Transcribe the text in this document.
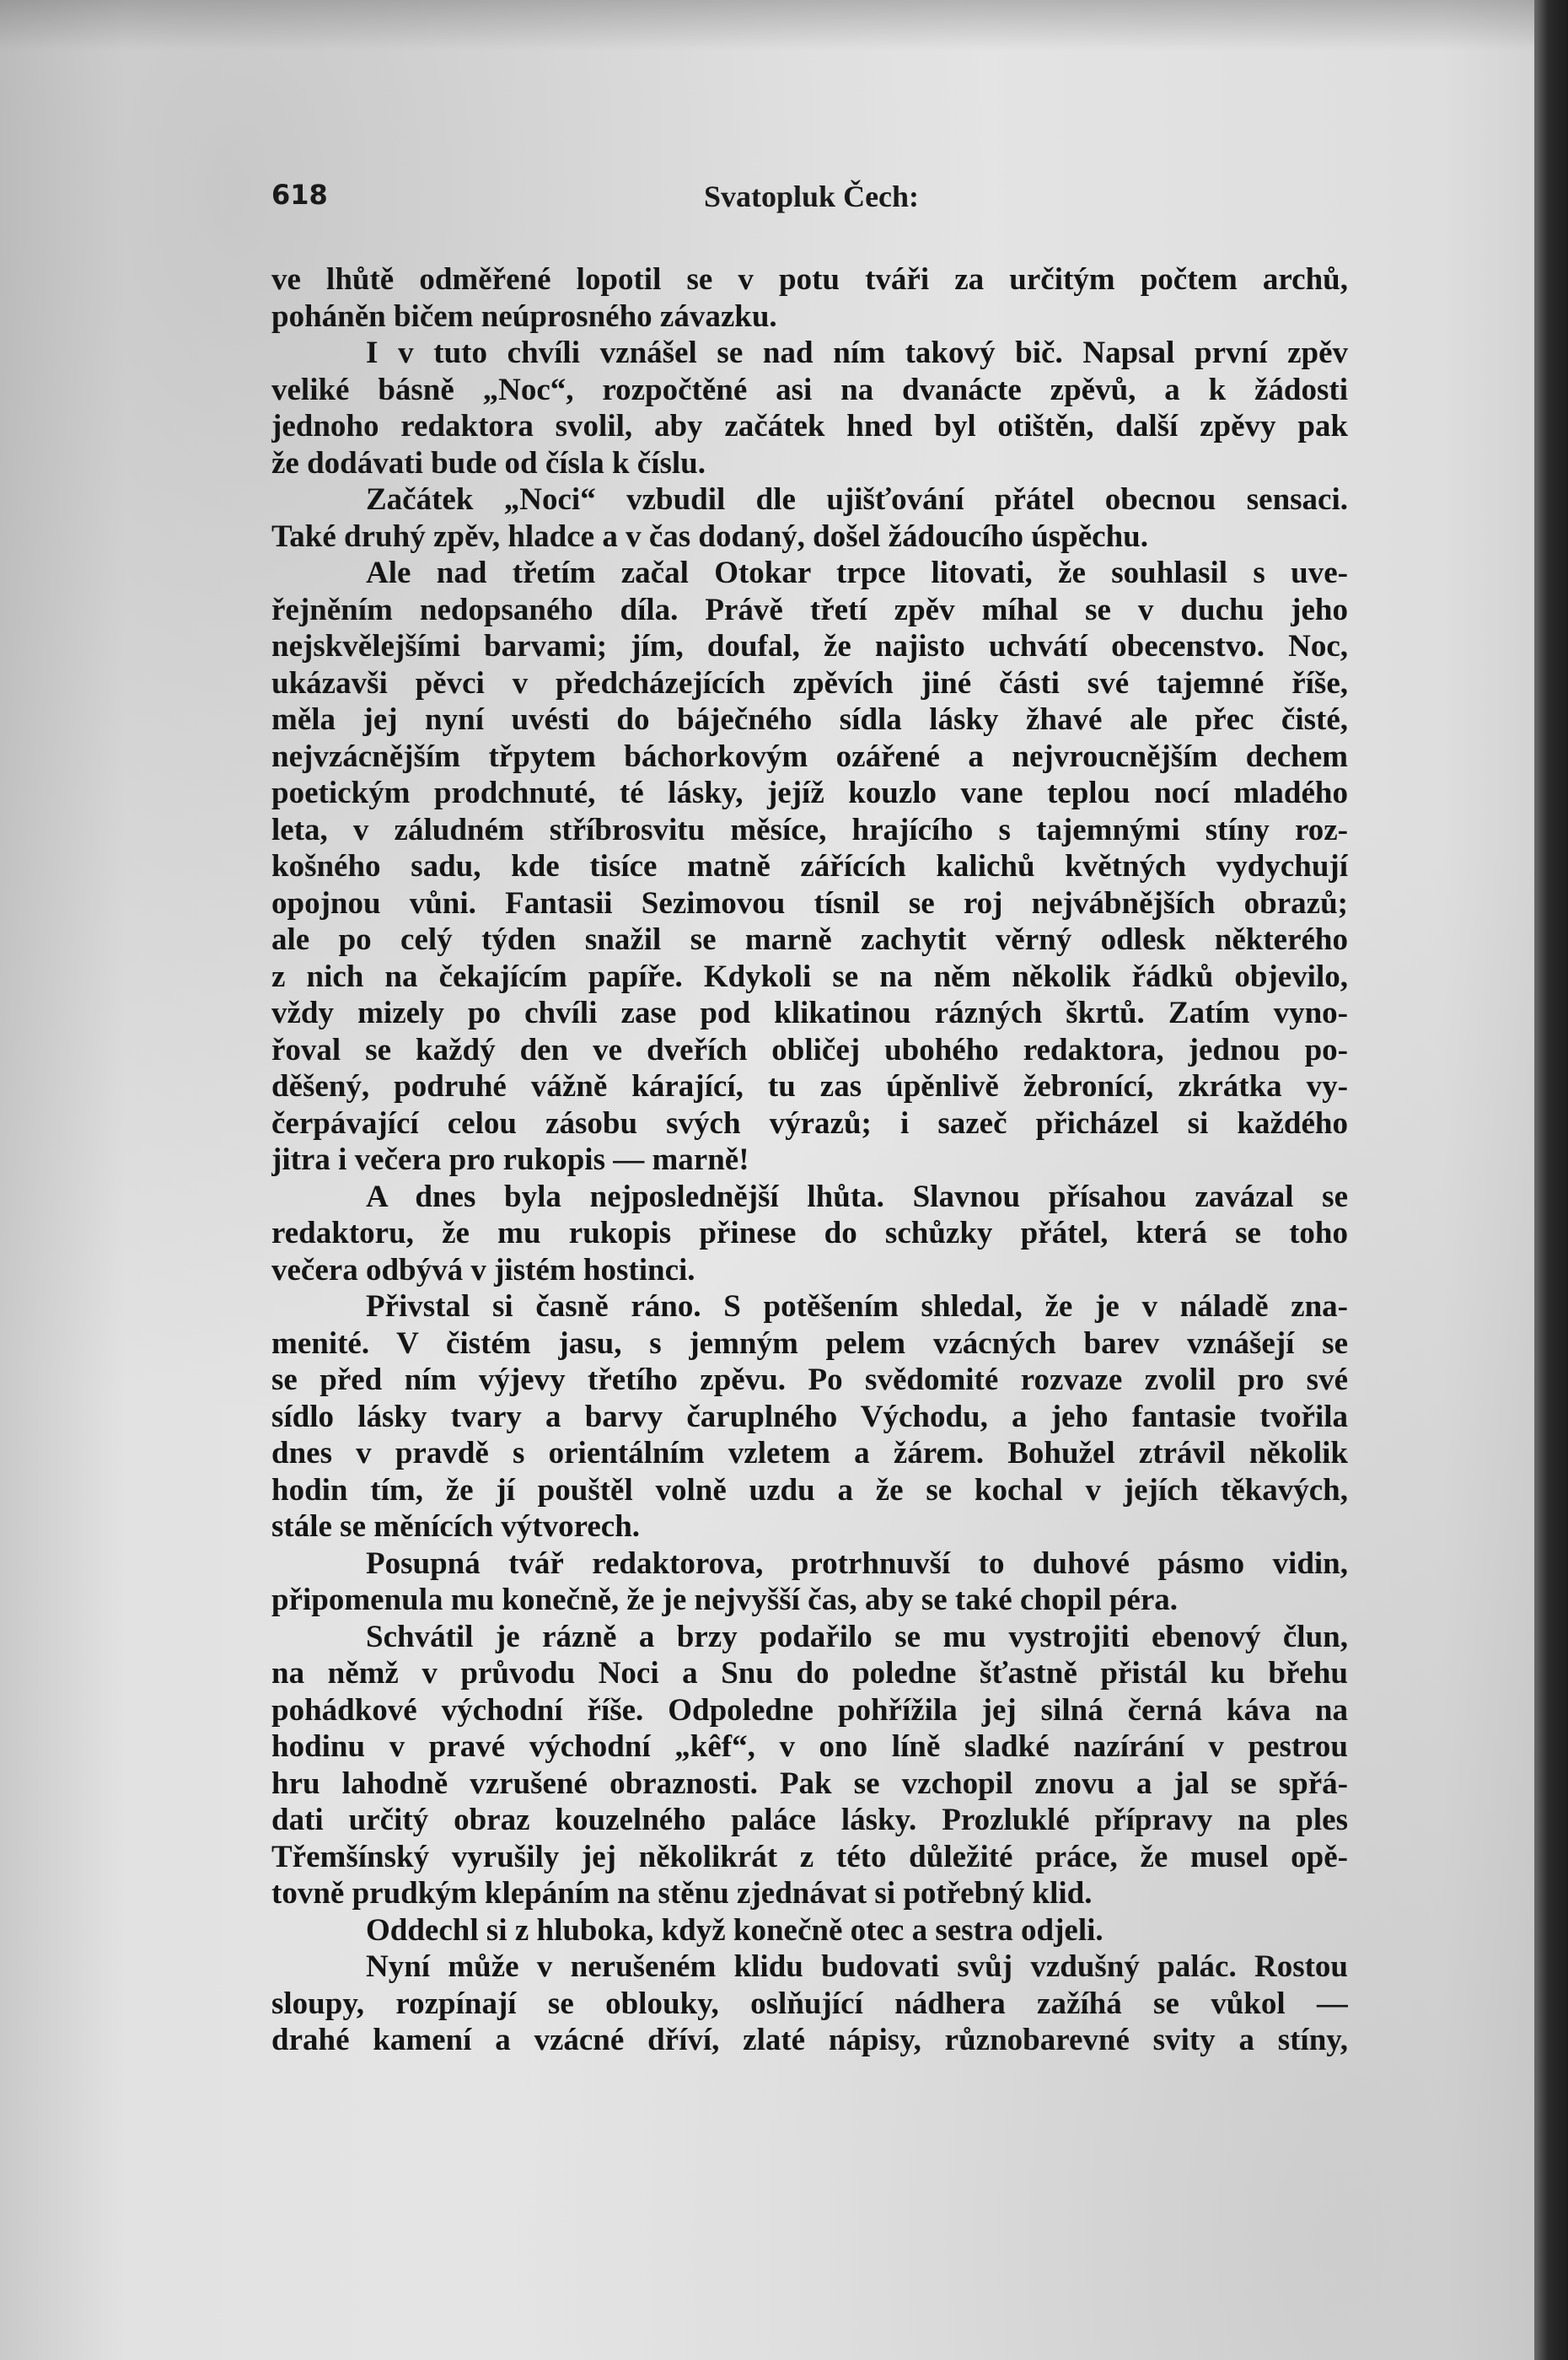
618	Svatopluk Čech:
ve lhůtě odměřené lopotil se v potu tváři za určitým počtem archů,
poháněn bičem neúprosného závazku.
I v tuto chvíli vznášel se nad ním takový bič. Napsal první zpěv
veliké básně „Noc“, rozpočtěné asi na dvanácte zpěvů, a k žádosti
jednoho redaktora svolil, aby začátek hned byl otištěn, další zpěvy pak
že dodávati bude od čísla k číslu.
Začátek „Noci“ vzbudil dle ujišťování přátel obecnou sensaci.
Také druhý zpěv, hladce a v čas dodaný, došel žádoucího úspěchu.
Ale nad třetím začal Otokar trpce litovati, že souhlasil s uve-
řejněním nedopsaného díla. Právě třetí zpěv míhal se v duchu jeho
nejskvělejšími barvami; jím, doufal, že najisto uchvátí obecenstvo. Noc,
ukázavši pěvci v předcházejících zpěvích jiné části své tajemné říše,
měla jej nyní uvésti do báječného sídla lásky žhavé ale přec čisté,
nejvzácnějším třpytem báchorkovým ozářené a nejvroucnějším dechem
poetickým prodchnuté, té lásky, jejíž kouzlo vane teplou nocí mladého
leta, v záludném stříbrosvitu měsíce, hrajícího s tajemnými stíny roz-
košného sadu, kde tisíce matně zářících kalichů květných vydychují
opojnou vůni. Fantasii Sezimovou tísnil se roj nejvábnějších obrazů;
ale po celý týden snažil se marně zachytit věrný odlesk některého
z nich na čekajícím papíře. Kdykoli se na něm několik řádků objevilo,
vždy mizely po chvíli zase pod klikatinou rázných škrtů. Zatím vyno-
řoval se každý den ve dveřích obličej ubohého redaktora, jednou po-
děšený, podruhé vážně kárající, tu zas úpěnlivě žebronící, zkrátka vy-
čerpávající celou zásobu svých výrazů; i sazeč přicházel si každého
jitra i večera pro rukopis — marně!
A dnes byla nejposlednější lhůta. Slavnou přísahou zavázal se
redaktoru, že mu rukopis přinese do schůzky přátel, která se toho
večera odbývá v jistém hostinci.
Přivstal si časně ráno. S potěšením shledal, že je v náladě zna-
menité. V čistém jasu, s jemným pelem vzácných barev vznášejí se
se před ním výjevy třetího zpěvu. Po svědomité rozvaze zvolil pro své
sídlo lásky tvary a barvy čaruplného Východu, a jeho fantasie tvořila
dnes v pravdě s orientálním vzletem a žárem. Bohužel ztrávil několik
hodin tím, že jí pouštěl volně uzdu a že se kochal v jejích těkavých,
stále se měnících výtvorech.
Posupná tvář redaktorova, protrhnuvší to duhové pásmo vidin,
připomenula mu konečně, že je nejvyšší čas, aby se také chopil péra.
Schvátil je rázně a brzy podařilo se mu vystrojiti ebenový člun,
na němž v průvodu Noci a Snu do poledne šťastně přistál ku břehu
pohádkové východní říše. Odpoledne pohřížila jej silná černá káva na
hodinu v pravé východní „kêf“, v ono líně sladké nazírání v pestrou
hru lahodně vzrušené obraznosti. Pak se vzchopil znovu a jal se spřá-
dati určitý obraz kouzelného paláce lásky. Prozluklé přípravy na ples
Třemšínský vyrušily jej několikrát z této důležité práce, že musel opě-
tovně prudkým klepáním na stěnu zjednávat si potřebný klid.
Oddechl si z hluboka, když konečně otec a sestra odjeli.
Nyní může v nerušeném klidu budovati svůj vzdušný palác. Rostou
sloupy, rozpínají se oblouky, oslňující nádhera zažíhá se vůkol —
drahé kamení a vzácné dříví, zlaté nápisy, různobarevné svity a stíny,
